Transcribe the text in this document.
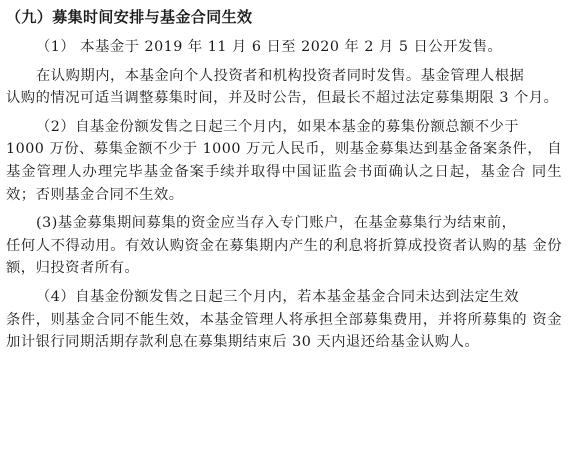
（九）募集时间安排与基金合同生效

（1） 本基金于 2019 年 11 月 6 日至 2020 年 2 月 5 日公开发售。

在认购期内，本基金向个人投资者和机构投资者同时发售。基金管理人根据
认购的情况可适当调整募集时间，并及时公告，但最长不超过法定募集期限 3 个月。

（2）自基金份额发售之日起三个月内，如果本基金的募集份额总额不少于
1000 万份、募集金额不少于 1000 万元人民币，则基金募集达到基金备案条件， 自基金管理人办理完毕基金备案手续并取得中国证监会书面确认之日起，基金合 同生效；否则基金合同不生效。

(3)基金募集期间募集的资金应当存入专门账户，在基金募集行为结束前，
任何人不得动用。有效认购资金在募集期内产生的利息将折算成投资者认购的基 金份额，归投资者所有。

（4）自基金份额发售之日起三个月内，若本基金基金合同未达到法定生效
条件，则基金合同不能生效，本基金管理人将承担全部募集费用，并将所募集的 资金加计银行同期活期存款利息在募集期结束后 30 天内退还给基金认购人。
